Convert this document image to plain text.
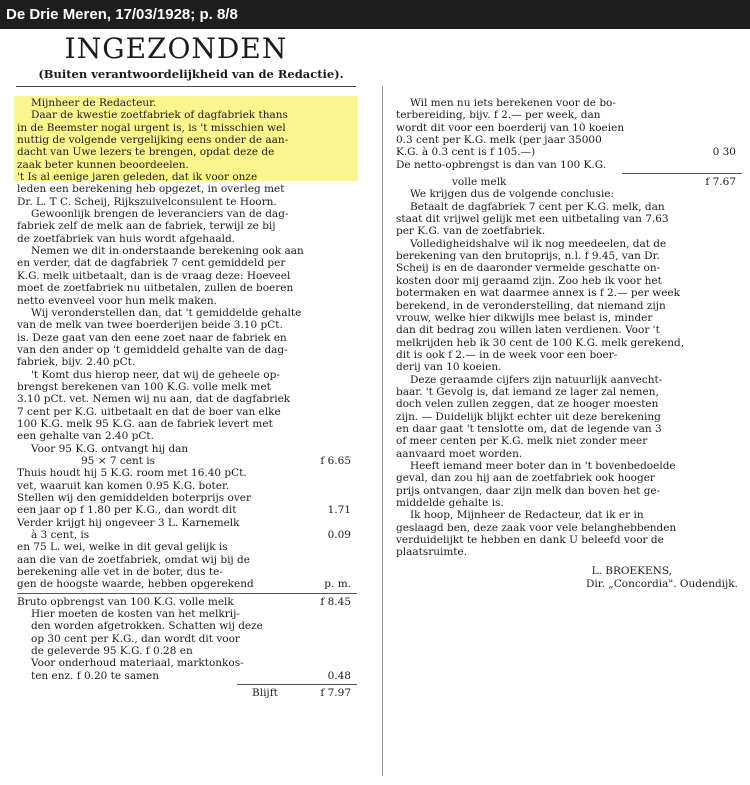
De Drie Meren, 17/03/1928; p. 8/8
INGEZONDEN
(Buiten verantwoordelijkheid van de Redactie).
Mijnheer de Redacteur.
Daar de kwestie zoetfabriek of dagfabriek thans
in de Beemster nogal urgent is, is 't misschien wel
nuttig de volgende vergelijking eens onder de aan-
dacht van Uwe lezers te brengen, opdat deze de
zaak beter kunnen beoordeelen.
't Is al eenige jaren geleden, dat ik voor onze
leden een berekening heb opgezet, in overleg met
Dr. L. T C. Scheij, Rijkszuivelconsulent te Hoorn.
Gewoonlijk brengen de leveranciers van de dag-
fabriek zelf de melk aan de fabriek, terwijl ze bij
de zoetfabriek van huis wordt afgehaald.
Nemen we dit in onderstaande berekening ook aan
en verder, dat de dagfabriek 7 cent gemiddeld per
K.G. melk uitbetaalt, dan is de vraag deze: Hoeveel
moet de zoetfabriek nu uitbetalen, zullen de boeren
netto evenveel voor hun melk maken.
Wij veronderstellen dan, dat 't gemiddelde gehalte
van de melk van twee boerderijen beide 3.10 pCt.
is. Deze gaat van den eene zoet naar de fabriek en
van den ander op 't gemiddeld gehalte van de dag-
fabriek, bijv. 2.40 pCt.
't Komt dus hierop neer, dat wij de geheele op-
brengst berekenen van 100 K.G. volle melk met
3.10 pCt. vet. Nemen wij nu aan, dat de dagfabriek
7 cent per K.G. uitbetaalt en dat de boer van elke
100 K.G. melk 95 K.G. aan de fabriek levert met
een gehalte van 2.40 pCt.
Voor 95 K.G. ontvangt hij dan
95 × 7 cent is	f 6.65
Thuis houdt hij 5 K.G. room met 16.40 pCt.
vet, waaruit kan komen 0.95 K.G. boter.
Stellen wij den gemiddelden boterprijs over
een jaar op f 1.80 per K.G., dan wordt dit	1.71
Verder krijgt hij ongeveer 3 L. Karnemelk
à 3 cent, is	0.09
en 75 L. wei, welke in dit geval gelijk is
aan die van de zoetfabriek, omdat wij bij de
berekening alle vet in de boter, dus te-
gen de hoogste waarde, hebben opgerekend	p. m.
Bruto opbrengst van 100 K.G. volle melk	f 8.45
Hier moeten de kosten van het melkrij-
den worden afgetrokken. Schatten wij deze
op 30 cent per K.G., dan wordt dit voor
de geleverde 95 K.G. f 0.28 en
Voor onderhoud materiaal, marktonkos-
ten enz. f 0.20 te samen	0.48
Blijft	f 7.97
Wil men nu iets berekenen voor de bo-
terbereiding, bijv. f 2.— per week, dan
wordt dit voor een boerderij van 10 koeien
0.3 cent per K.G. melk (per jaar 35000
K.G. à 0.3 cent is f 105.—)	0 30
De netto-opbrengst is dan van 100 K.G.
volle melk	f 7.67
We krijgen dus de volgende conclusie:
Betaalt de dagfabriek 7 cent per K.G. melk, dan
staat dit vrijwel gelijk met een uitbetaling van 7.63
per K.G. van de zoetfabriek.
Volledigheidshalve wil ik nog meedeelen, dat de
berekening van den brutoprijs, n.l. f 9.45, van Dr.
Scheij is en de daaronder vermelde geschatte on-
kosten door mij geraamd zijn. Zoo heb ik voor het
botermaken en wat daarmee annex is f 2.— per week
berekend, in de veronderstelling, dat niemand zijn
vrouw, welke hier dikwijls mee belast is, minder
dan dit bedrag zou willen laten verdienen. Voor 't
melkrijden heb ik 30 cent de 100 K.G. melk gerekend,
dit is ook f 2.— in de week voor een boer-
derij van 10 koeien.
Deze geraamde cijfers zijn natuurlijk aanvecht-
baar. 't Gevolg is, dat iemand ze lager zal nemen,
doch velen zullen zeggen, dat ze hooger moesten
zijn. — Duidelijk blijkt echter uit deze berekening
en daar gaat 't tenslotte om, dat de legende van 3
of meer centen per K.G. melk niet zonder meer
aanvaard moet worden.
Heeft iemand meer boter dan in 't bovenbedoelde
geval, dan zou hij aan de zoetfabriek ook hooger
prijs ontvangen, daar zijn melk dan boven het ge-
middelde gehalte is.
Ik hoop, Mijnheer de Redacteur, dat ik er in
geslaagd ben, deze zaak voor vele belanghebbenden
verduidelijkt te hebben en dank U beleefd voor de
plaatsruimte.
L. BROEKENS,
Dir. „Concordia". Oudendijk.
